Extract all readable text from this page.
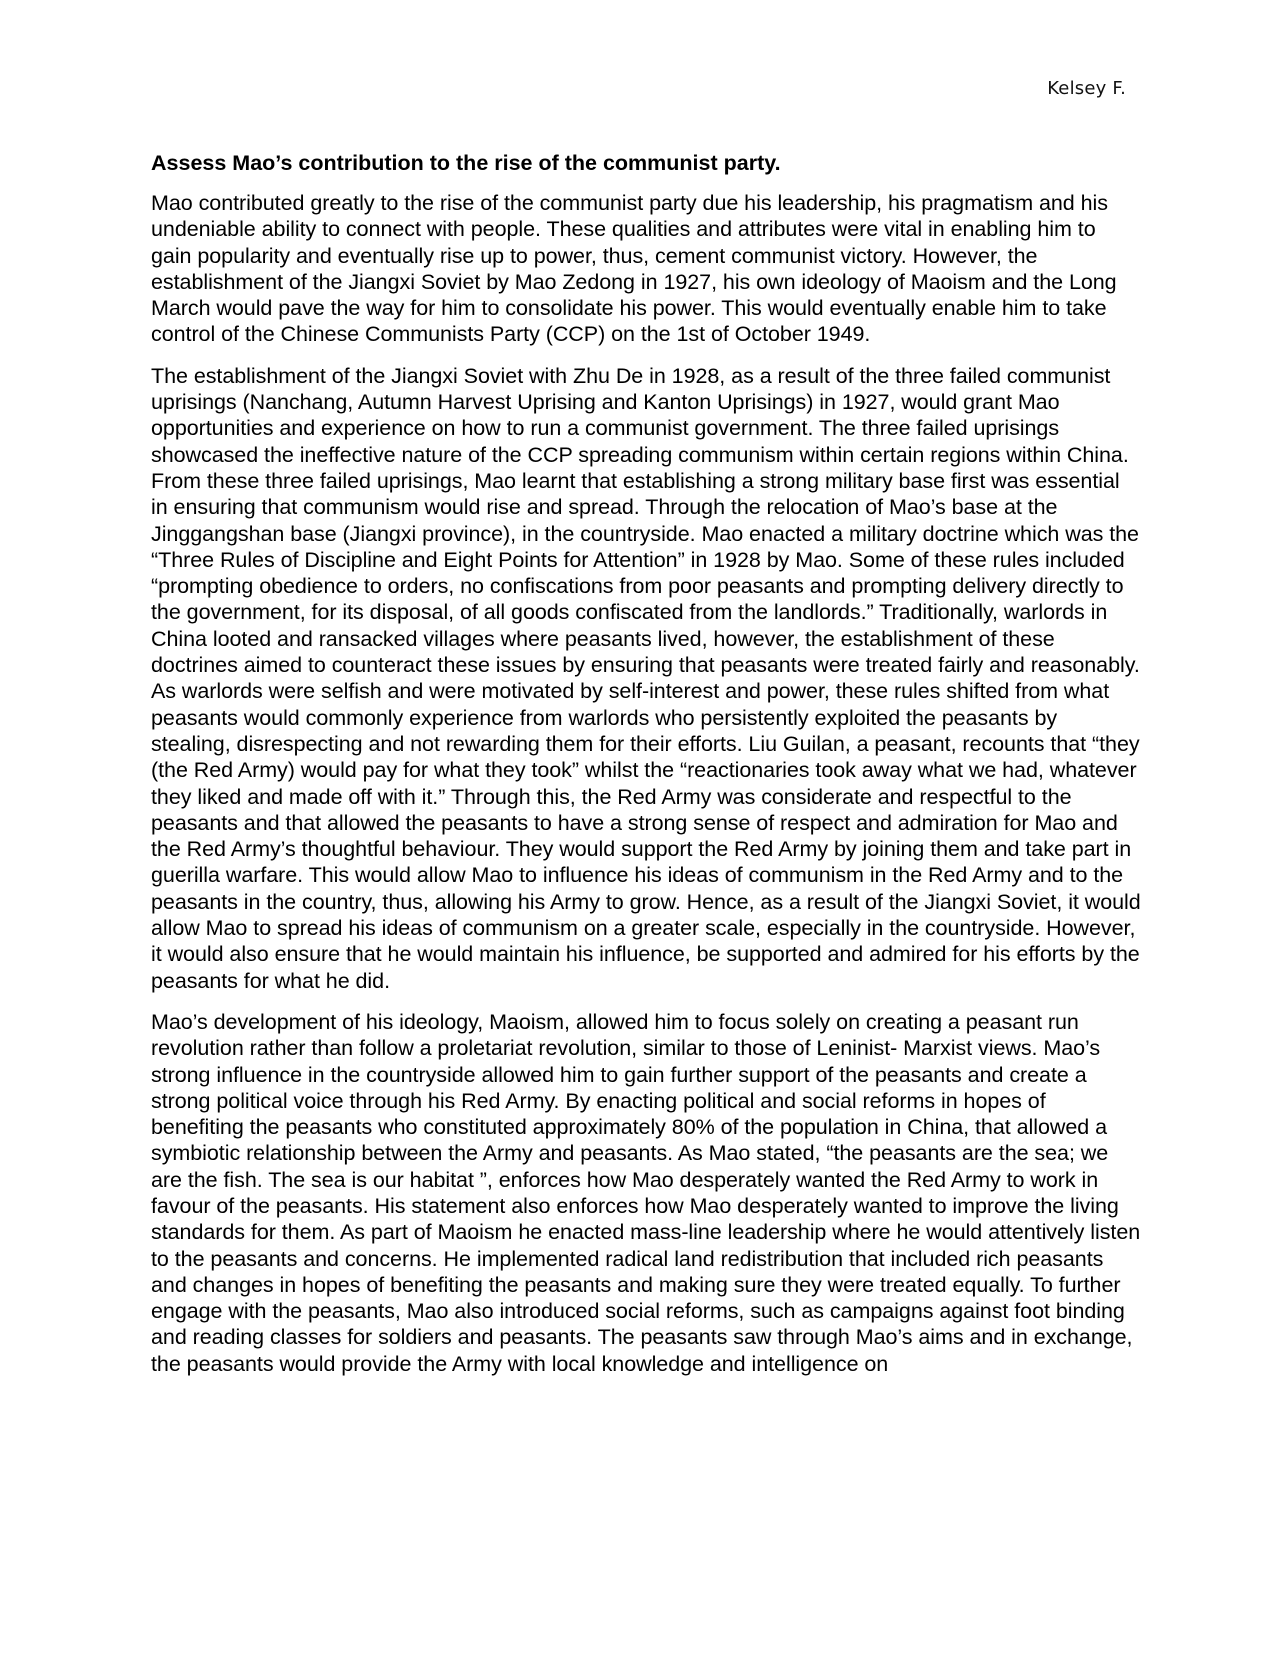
Kelsey F.
Assess Mao’s contribution to the rise of the communist party.

Mao contributed greatly to the rise of the communist party due his leadership, his pragmatism and his undeniable ability to connect with people. These qualities and attributes were vital in enabling him to gain popularity and eventually rise up to power, thus, cement communist victory. However, the establishment of the Jiangxi Soviet by Mao Zedong in 1927, his own ideology of Maoism and the Long March would pave the way for him to consolidate his power. This would eventually enable him to take control of the Chinese Communists Party (CCP) on the 1st of October 1949.

The establishment of the Jiangxi Soviet with Zhu De in 1928, as a result of the three failed communist uprisings (Nanchang, Autumn Harvest Uprising and Kanton Uprisings) in 1927, would grant Mao opportunities and experience on how to run a communist government. The three failed uprisings showcased the ineffective nature of the CCP spreading communism within certain regions within China. From these three failed uprisings, Mao learnt that establishing a strong military base first was essential in ensuring that communism would rise and spread. Through the relocation of Mao’s base at the Jinggangshan base (Jiangxi province), in the countryside. Mao enacted a military doctrine which was the “Three Rules of Discipline and Eight Points for Attention” in 1928 by Mao. Some of these rules included “prompting obedience to orders, no confiscations from poor peasants and prompting delivery directly to the government, for its disposal, of all goods confiscated from the landlords.” Traditionally, warlords in China looted and ransacked villages where peasants lived, however, the establishment of these doctrines aimed to counteract these issues by ensuring that peasants were treated fairly and reasonably. As warlords were selfish and were motivated by self-interest and power, these rules shifted from what peasants would commonly experience from warlords who persistently exploited the peasants by stealing, disrespecting and not rewarding them for their efforts. Liu Guilan, a peasant, recounts that “they (the Red Army) would pay for what they took” whilst the “reactionaries took away what we had, whatever they liked and made off with it.” Through this, the Red Army was considerate and respectful to the peasants and that allowed the peasants to have a strong sense of respect and admiration for Mao and the Red Army’s thoughtful behaviour. They would support the Red Army by joining them and take part in guerilla warfare. This would allow Mao to influence his ideas of communism in the Red Army and to the peasants in the country, thus, allowing his Army to grow. Hence, as a result of the Jiangxi Soviet, it would allow Mao to spread his ideas of communism on a greater scale, especially in the countryside. However, it would also ensure that he would maintain his influence, be supported and admired for his efforts by the peasants for what he did.

Mao’s development of his ideology, Maoism, allowed him to focus solely on creating a peasant run revolution rather than follow a proletariat revolution, similar to those of Leninist- Marxist views. Mao’s strong influence in the countryside allowed him to gain further support of the peasants and create a strong political voice through his Red Army. By enacting political and social reforms in hopes of benefiting the peasants who constituted approximately 80% of the population in China, that allowed a symbiotic relationship between the Army and peasants. As Mao stated, “the peasants are the sea; we are the fish. The sea is our habitat ”, enforces how Mao desperately wanted the Red Army to work in favour of the peasants. His statement also enforces how Mao desperately wanted to improve the living standards for them. As part of Maoism he enacted mass-line leadership where he would attentively listen to the peasants and concerns. He implemented radical land redistribution that included rich peasants and changes in hopes of benefiting the peasants and making sure they were treated equally. To further engage with the peasants, Mao also introduced social reforms, such as campaigns against foot binding and reading classes for soldiers and peasants. The peasants saw through Mao’s aims and in exchange, the peasants would provide the Army with local knowledge and intelligence on
